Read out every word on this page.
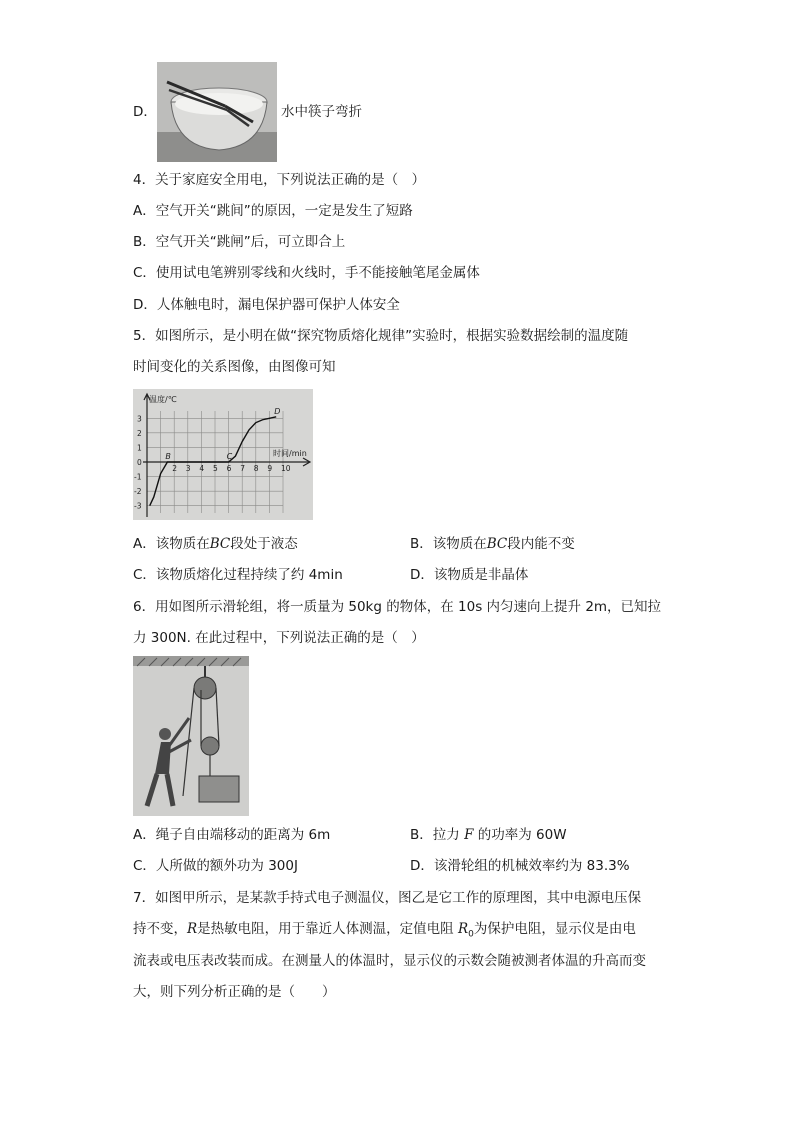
D．	水中筷子弯折
4．关于家庭安全用电，下列说法正确的是（　）
A．空气开关“跳间”的原因，一定是发生了短路
B．空气开关“跳闸”后，可立即合上
C．使用试电笔辨别零线和火线时，手不能接触笔尾金属体
D．人体触电时，漏电保护器可保护人体安全
5．如图所示，是小明在做“探究物质熔化规律”实验时，根据实验数据绘制的温度随
时间变化的关系图像，由图像可知
温度/℃
时间/min
2 3 4 5 6 7 8 9 10
3
2
1
0
-1
-2
-3
B	C
D
A．该物质在BC段处于液态	B．该物质在BC段内能不变
C．该物质熔化过程持续了约 4min	D．该物质是非晶体
6．用如图所示滑轮组，将一质量为 50kg 的物体，在 10s 内匀速向上提升 2m，已知拉
力 300N. 在此过程中，下列说法正确的是（　）
A．绳子自由端移动的距离为 6m	B．拉力 F 的功率为 60W
C．人所做的额外功为 300J	D．该滑轮组的机械效率约为 83.3%
7．如图甲所示，是某款手持式电子测温仪，图乙是它工作的原理图，其中电源电压保
持不变，R是热敏电阻，用于靠近人体测温，定值电阻 $R_0$为保护电阻，显示仪是由电
流表或电压表改装而成。在测量人的体温时，显示仪的示数会随被测者体温的升高而变
大，则下列分析正确的是（　　）
